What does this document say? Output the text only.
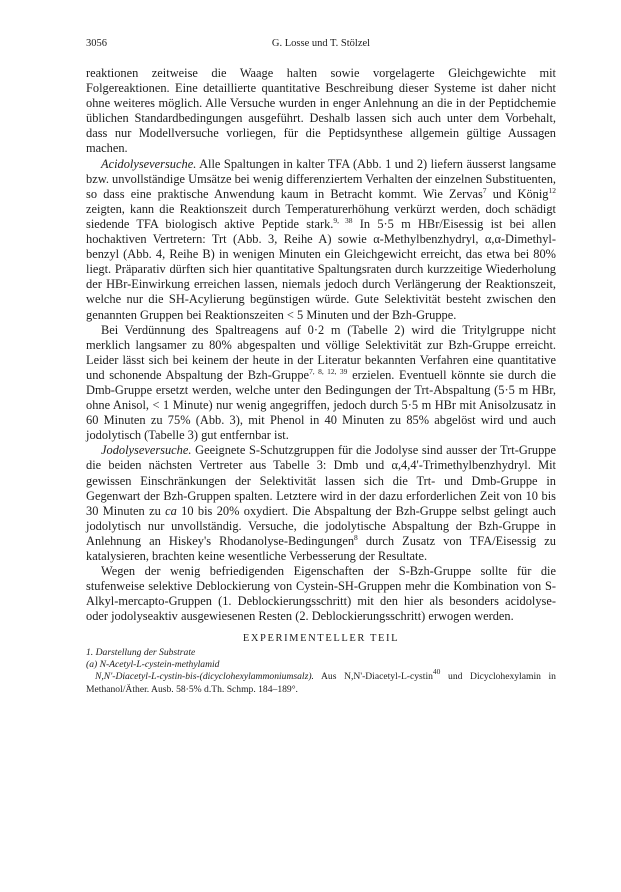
3056	G. Losse und T. Stölzel

reaktionen zeitweise die Waage halten sowie vorgelagerte Gleichgewichte mit Folgereaktionen. Eine detaillierte quantitative Beschreibung dieser Systeme ist daher nicht ohne weiteres möglich. Alle Versuche wurden in enger Anlehnung an die in der Peptidchemie üblichen Standardbedingungen ausgeführt. Deshalb lassen sich auch unter dem Vorbehalt, dass nur Modellversuche vorliegen, für die Peptidsynthese allgemein gültige Aussagen machen.

Acidolyseversuche. Alle Spaltungen in kalter TFA (Abb. 1 und 2) liefern äusserst langsame bzw. unvollständige Umsätze bei wenig differenziertem Verhalten der einzelnen Substituenten, so dass eine praktische Anwendung kaum in Betracht kommt. Wie Zervas$^7$ und König$^{12}$ zeigten, kann die Reaktionszeit durch Temperaturerhöhung verkürzt werden, doch schädigt siedende TFA biologisch aktive Peptide stark.$^{9, 38}$ In 5·5 m HBr/Eisessig ist bei allen hochaktiven Vertretern: Trt (Abb. 3, Reihe A) sowie α-Methylbenzhydryl, α,α-Dimethyl-benzyl (Abb. 4, Reihe B) in wenigen Minuten ein Gleichgewicht erreicht, das etwa bei 80% liegt. Präparativ dürften sich hier quantitative Spaltungsraten durch kurzzeitige Wiederholung der HBr-Einwirkung erreichen lassen, niemals jedoch durch Verlängerung der Reaktionszeit, welche nur die SH-Acylierung begünstigen würde. Gute Selektivität besteht zwischen den genannten Gruppen bei Reaktionszeiten < 5 Minuten und der Bzh-Gruppe.

Bei Verdünnung des Spaltreagens auf 0·2 m (Tabelle 2) wird die Tritylgruppe nicht merklich langsamer zu 80% abgespalten und völlige Selektivität zur Bzh-Gruppe erreicht. Leider lässt sich bei keinem der heute in der Literatur bekannten Verfahren eine quantitative und schonende Abspaltung der Bzh-Gruppe$^{7, 8, 12, 39}$ erzielen. Eventuell könnte sie durch die Dmb-Gruppe ersetzt werden, welche unter den Bedingungen der Trt-Abspaltung (5·5 m HBr, ohne Anisol, < 1 Minute) nur wenig angegriffen, jedoch durch 5·5 m HBr mit Anisolzusatz in 60 Minuten zu 75% (Abb. 3), mit Phenol in 40 Minuten zu 85% abgelöst wird und auch jodolytisch (Tabelle 3) gut entfernbar ist.

Jodolyseversuche. Geeignete S-Schutzgruppen für die Jodolyse sind ausser der Trt-Gruppe die beiden nächsten Vertreter aus Tabelle 3: Dmb und α,4,4'-Trimethylbenzhydryl. Mit gewissen Einschränkungen der Selektivität lassen sich die Trt- und Dmb-Gruppe in Gegenwart der Bzh-Gruppen spalten. Letztere wird in der dazu erforderlichen Zeit von 10 bis 30 Minuten zu ca 10 bis 20% oxydiert. Die Abspaltung der Bzh-Gruppe selbst gelingt auch jodolytisch nur unvollständig. Versuche, die jodolytische Abspaltung der Bzh-Gruppe in Anlehnung an Hiskey's Rhodanolyse-Bedingungen$^8$ durch Zusatz von TFA/Eisessig zu katalysieren, brachten keine wesentliche Verbesserung der Resultate.

Wegen der wenig befriedigenden Eigenschaften der S-Bzh-Gruppe sollte für die stufenweise selektive Deblockierung von Cystein-SH-Gruppen mehr die Kombination von S-Alkyl-mercapto-Gruppen (1. Deblockierungsschritt) mit den hier als besonders acidolyse- oder jodolyseaktiv ausgewiesenen Resten (2. Deblockierungsschritt) erwogen werden.

EXPERIMENTELLER TEIL

1. Darstellung der Substrate

(a) N-Acetyl-L-cystein-methylamid

N,N'-Diacetyl-L-cystin-bis-(dicyclohexylammoniumsalz). Aus N,N'-Diacetyl-L-cystin$^{40}$ und Dicyclohexylamin in Methanol/Äther. Ausb. 58·5% d.Th. Schmp. 184–189°.
